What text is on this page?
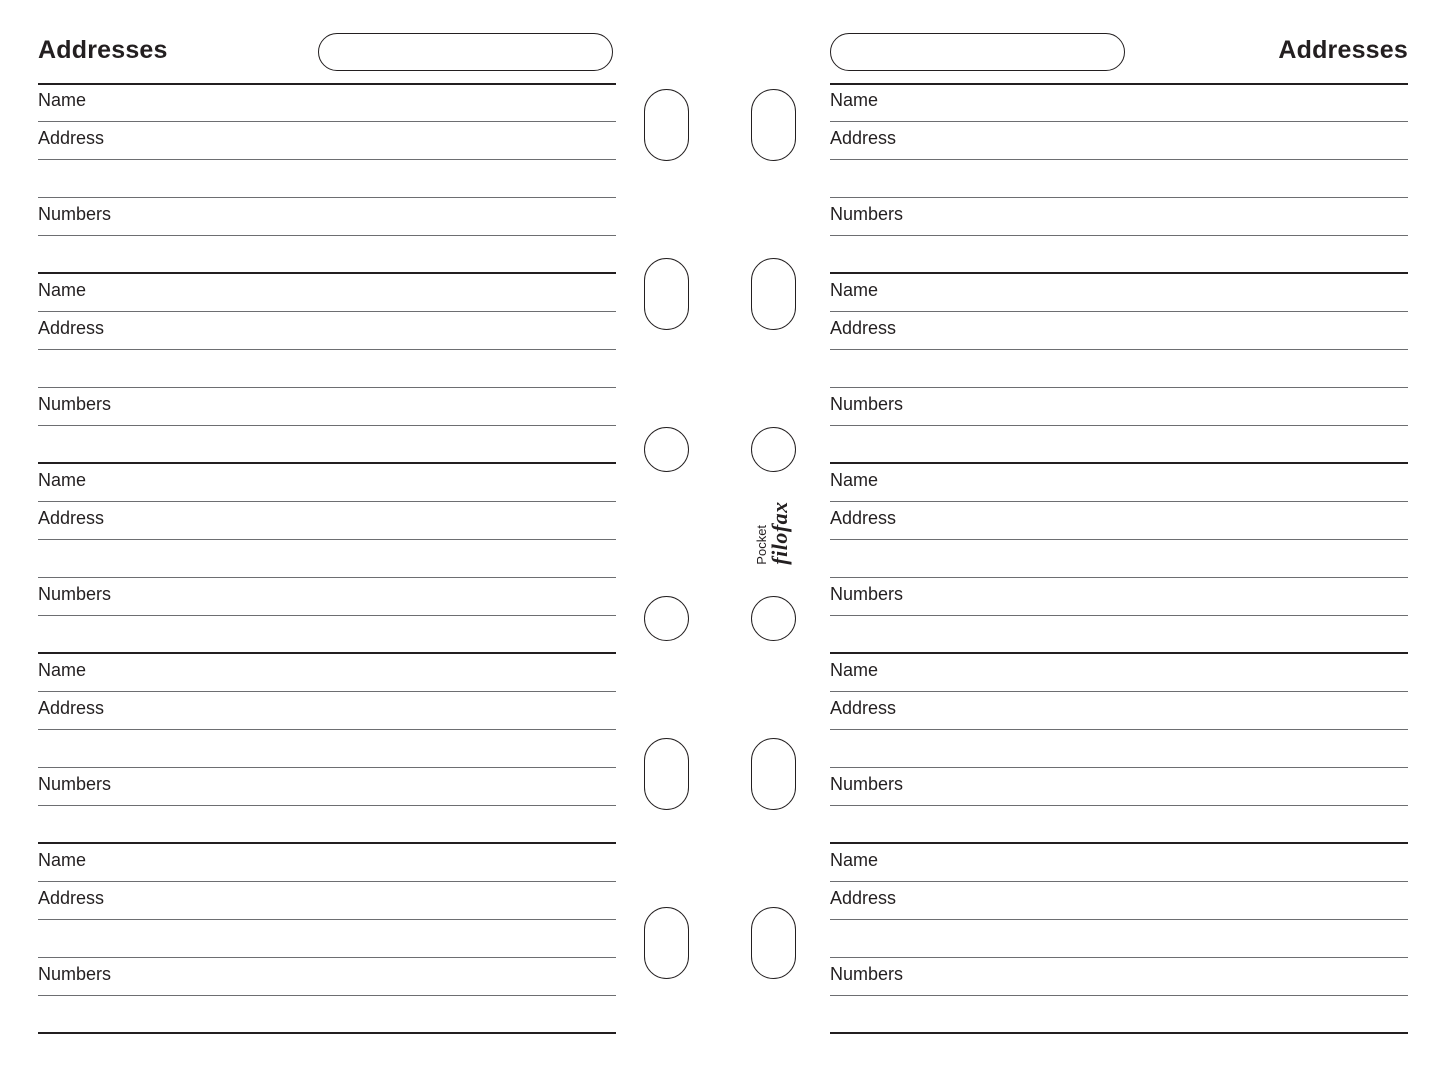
Addresses
Name
Address
Numbers
Name
Address
Numbers
Name
Address
Numbers
Name
Address
Numbers
Name
Address
Numbers
Addresses
Name
Address
Numbers
Name
Address
Numbers
Name
Address
Numbers
Name
Address
Numbers
Name
Address
Numbers
Pocket
filofax
